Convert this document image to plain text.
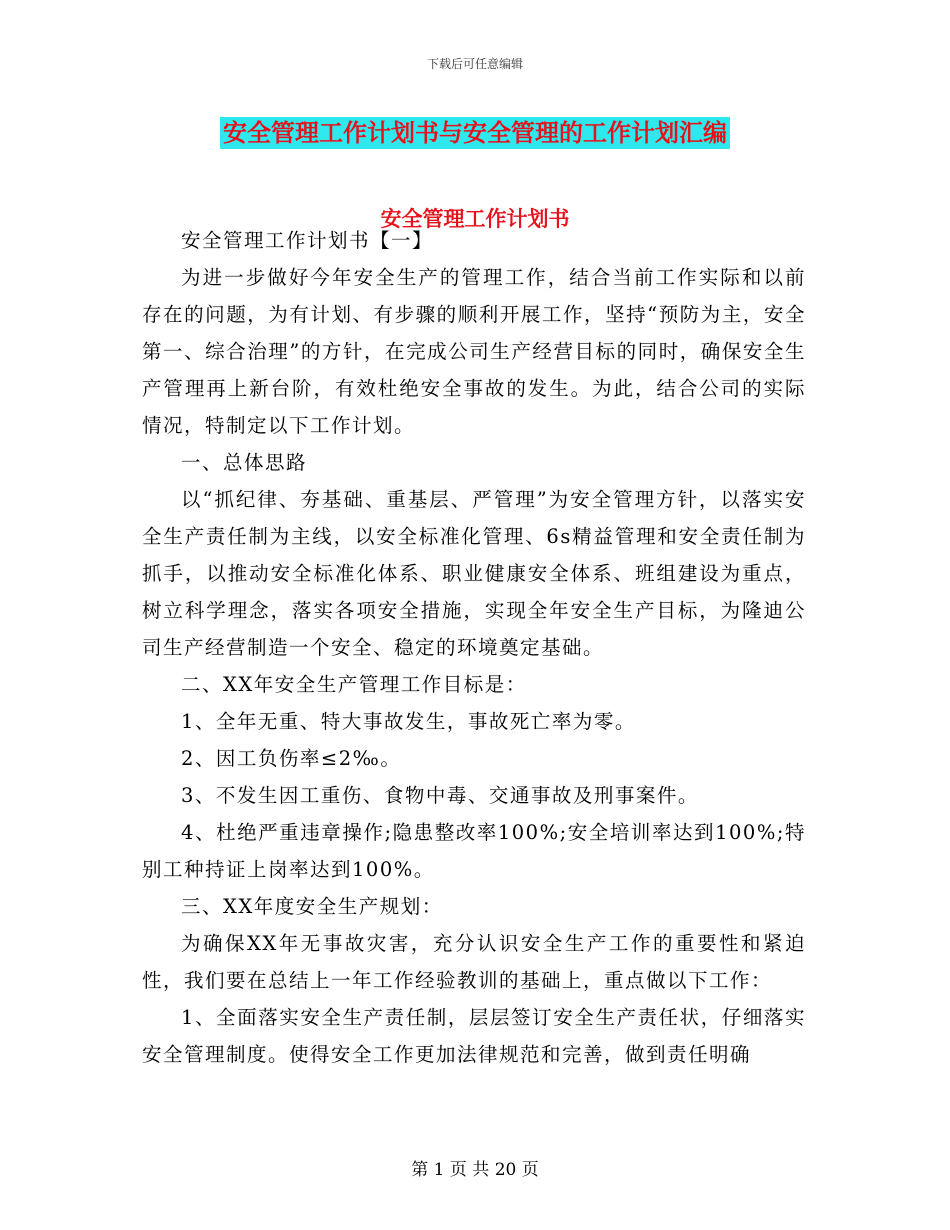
下载后可任意编辑
安全管理工作计划书与安全管理的工作计划汇编
安全管理工作计划书

安全管理工作计划书【一】

为进一步做好今年安全生产的管理工作，结合当前工作实际和以前存在的问题，为有计划、有步骤的顺利开展工作，坚持“预防为主，安全第一、综合治理”的方针，在完成公司生产经营目标的同时，确保安全生产管理再上新台阶，有效杜绝安全事故的发生。为此，结合公司的实际情况，特制定以下工作计划。

一、总体思路

以“抓纪律、夯基础、重基层、严管理”为安全管理方针，以落实安全生产责任制为主线，以安全标准化管理、6s精益管理和安全责任制为抓手，以推动安全标准化体系、职业健康安全体系、班组建设为重点，树立科学理念，落实各项安全措施，实现全年安全生产目标，为隆迪公司生产经营制造一个安全、稳定的环境奠定基础。

二、XX年安全生产管理工作目标是：

1、全年无重、特大事故发生，事故死亡率为零。

2、因工负伤率≤2‰。

3、不发生因工重伤、食物中毒、交通事故及刑事案件。

4、杜绝严重违章操作;隐患整改率100%;安全培训率达到100%;特别工种持证上岗率达到100%。

三、XX年度安全生产规划：

为确保XX年无事故灾害，充分认识安全生产工作的重要性和紧迫性，我们要在总结上一年工作经验教训的基础上，重点做以下工作：

1、全面落实安全生产责任制，层层签订安全生产责任状，仔细落实安全管理制度。使得安全工作更加法律规范和完善，做到责任明确

第 1 页 共 20 页
